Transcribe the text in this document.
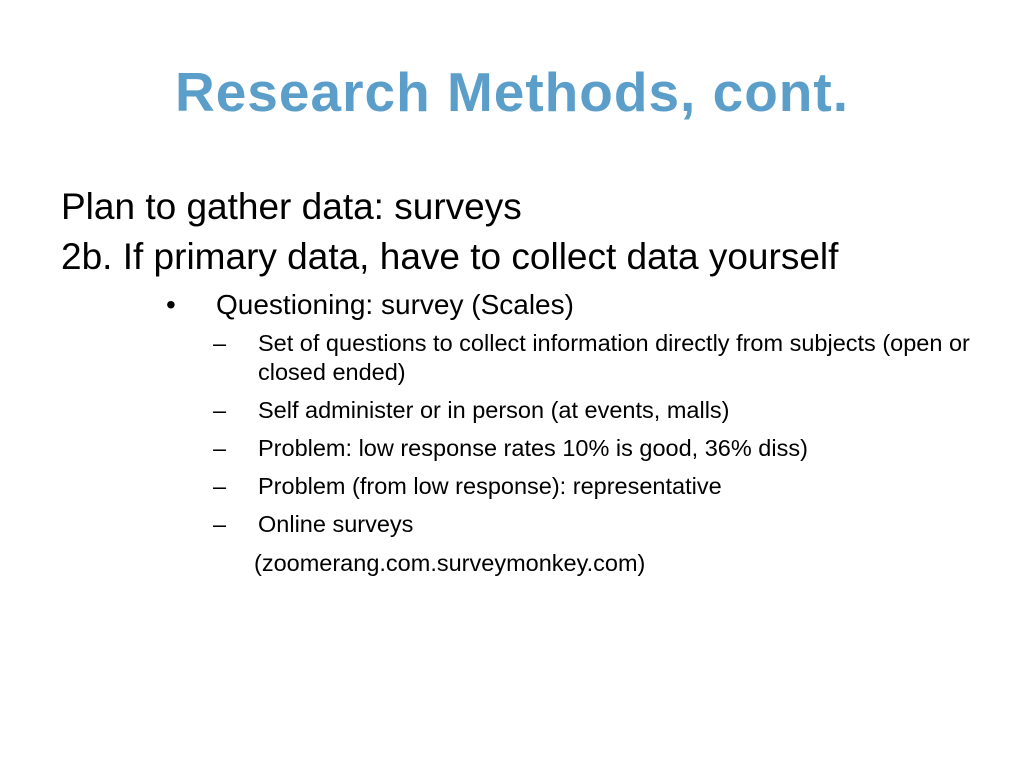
Research Methods, cont.

Plan to gather data: surveys

2b. If primary data, have to collect data yourself

• Questioning: survey (Scales)

– Set of questions to collect information directly from subjects (open or closed ended)

– Self administer or in person (at events, malls)

– Problem: low response rates 10% is good, 36% diss)

– Problem (from low response): representative

– Online surveys

(zoomerang.com.surveymonkey.com)
